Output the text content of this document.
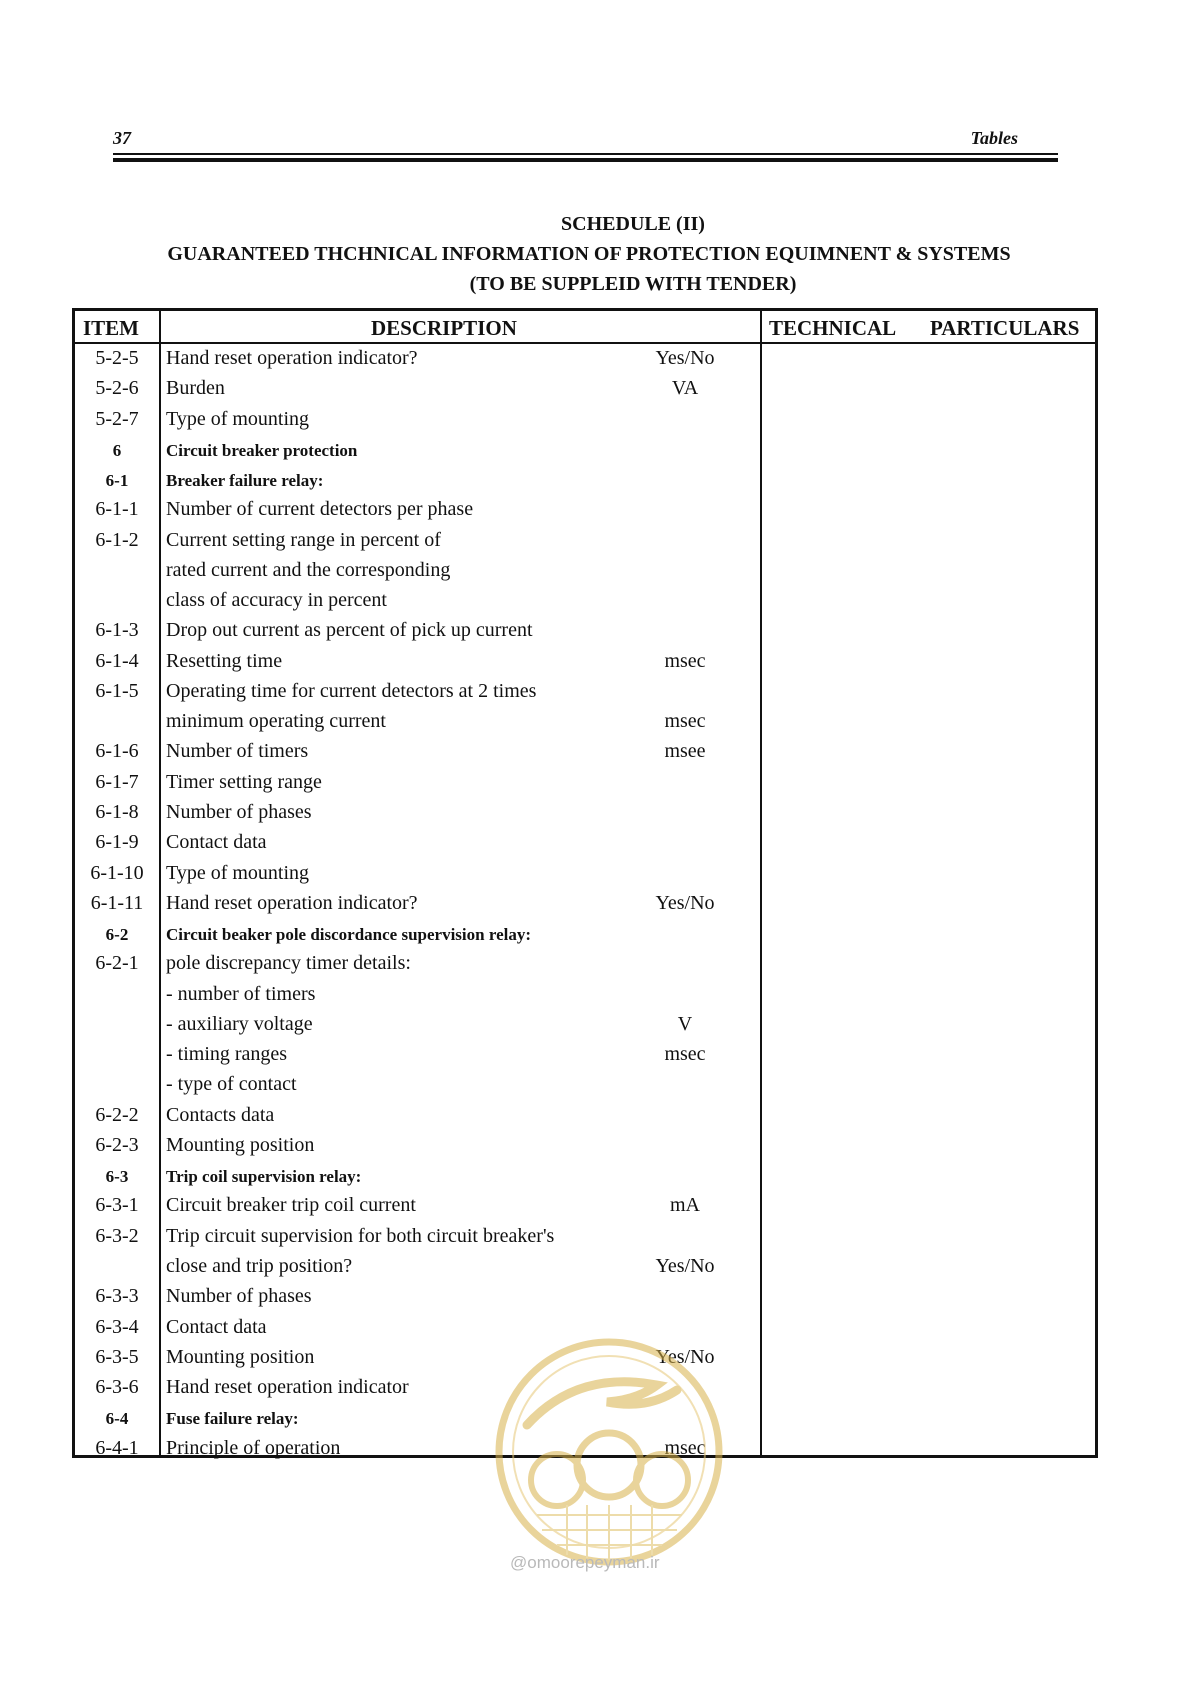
37	Tables
SCHEDULE (II)
GUARANTEED THCHNICAL INFORMATION OF PROTECTION EQUIMNENT & SYSTEMS
(TO BE SUPPLEID WITH TENDER)
ITEM	DESCRIPTION	TECHNICAL PARTICULARS
5-2-5	Hand reset operation indicator?	Yes/No
5-2-6	Burden	VA
5-2-7	Type of mounting
6	Circuit breaker protection
6-1	Breaker failure relay:
6-1-1	Number of current detectors per phase
6-1-2	Current setting range in percent of
rated current and the corresponding
class of accuracy in percent
6-1-3	Drop out current as percent of pick up current
6-1-4	Resetting time	msec
6-1-5	Operating time for current detectors at 2 times
minimum operating current	msec
6-1-6	Number of timers	msee
6-1-7	Timer setting range
6-1-8	Number of phases
6-1-9	Contact data
6-1-10	Type of mounting
6-1-11	Hand reset operation indicator?	Yes/No
6-2	Circuit beaker pole discordance supervision relay:
6-2-1	pole discrepancy timer details:
- number of timers
- auxiliary voltage	V
- timing ranges	msec
- type of contact
6-2-2	Contacts data
6-2-3	Mounting position
6-3	Trip coil supervision relay:
6-3-1	Circuit breaker trip coil current	mA
6-3-2	Trip circuit supervision for both circuit breaker's
close and trip position?	Yes/No
6-3-3	Number of phases
6-3-4	Contact data
6-3-5	Mounting position	Yes/No
6-3-6	Hand reset operation indicator
6-4	Fuse failure relay:
6-4-1	Principle of operation	msec
@omoorepeyman.ir
